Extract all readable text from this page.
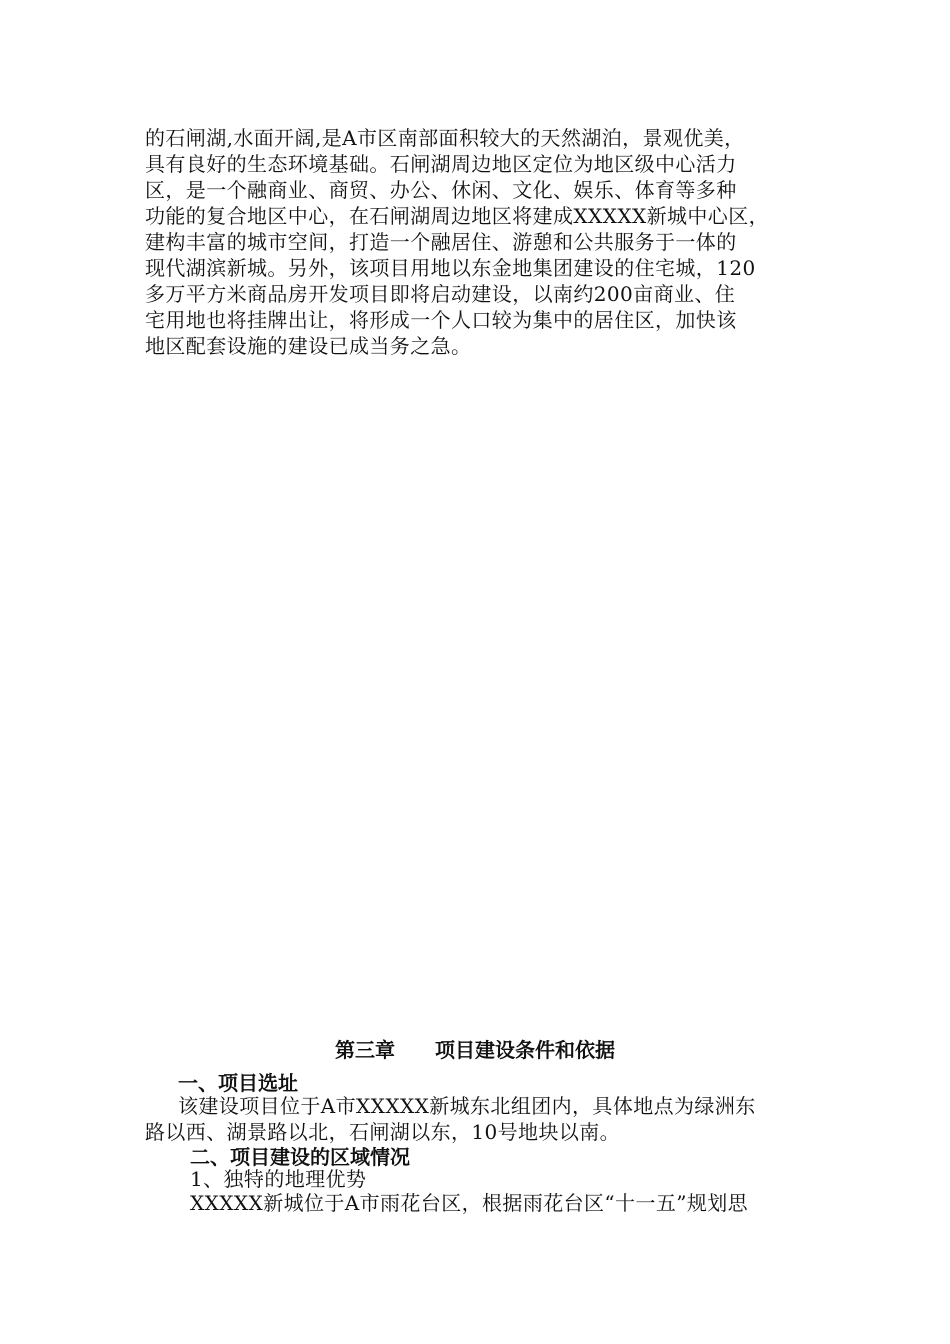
的石闸湖,水面开阔,是A市区南部面积较大的天然湖泊，景观优美，
具有良好的生态环境基础。石闸湖周边地区定位为地区级中心活力
区，是一个融商业、商贸、办公、休闲、文化、娱乐、体育等多种
功能的复合地区中心，在石闸湖周边地区将建成XXXXX新城中心区，
建构丰富的城市空间，打造一个融居住、游憩和公共服务于一体的
现代湖滨新城。另外，该项目用地以东金地集团建设的住宅城，120
多万平方米商品房开发项目即将启动建设，以南约200亩商业、住
宅用地也将挂牌出让，将形成一个人口较为集中的居住区，加快该
地区配套设施的建设已成当务之急。
第三章 项目建设条件和依据
一、项目选址
该建设项目位于A市XXXXX新城东北组团内，具体地点为绿洲东
路以西、湖景路以北，石闸湖以东，10号地块以南。
二、项目建设的区域情况
1、独特的地理优势
XXXXX新城位于A市雨花台区，根据雨花台区“十一五”规划思
